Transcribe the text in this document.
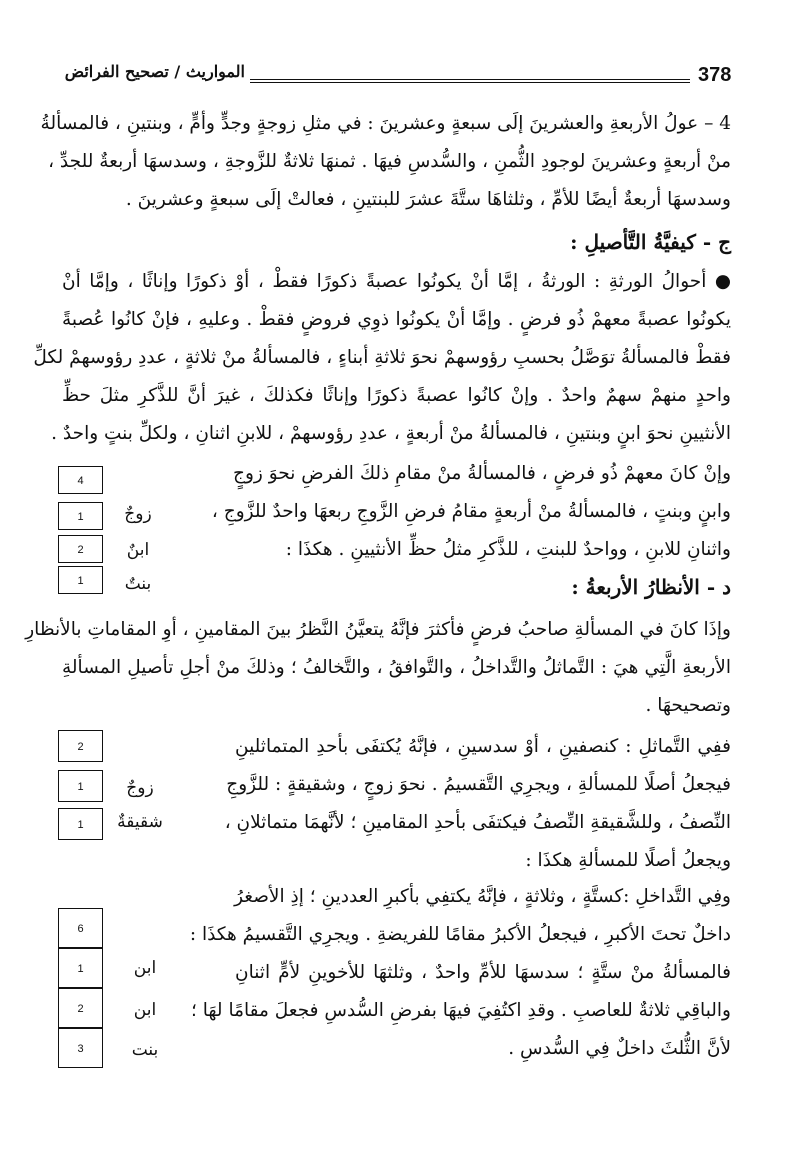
378
المواريث / تصحيح الفرائض
4 – عولُ الأربعةِ والعشرينَ إلَى سبعةٍ وعشرينَ : في مثلِ زوجةٍ وجدٍّ وأمٍّ ، وبنتينِ ، فالمسألةُ
منْ أربعةٍ وعشرينَ لوجودِ الثُّمنِ ، والسُّدسِ فيهَا . ثمنهَا ثلاثةٌ للزَّوجةِ ، وسدسهَا أربعةٌ للجدِّ ،
وسدسهَا أربعةٌ أيضًا للأمِّ ، وثلثاهَا ستَّةَ عشرَ للبنتينِ ، فعالتْ إلَى سبعةٍ وعشرينَ .
ج - كيفيَّةُ التَّأصيلِ :
● أحوالُ الورثةِ : الورثةُ ، إمَّا أنْ يكونُوا عصبةً ذكورًا فقطْ ، أوْ ذكورًا وإناثًا ، وإمَّا أنْ
يكونُوا عصبةً معهمْ ذُو فرضٍ . وإمَّا أنْ يكونُوا ذوِي فروضٍ فقطْ . وعليهِ ، فإنْ كانُوا عُصبةً
فقطْ فالمسألةُ توَصَّلُ بحسبِ رؤوسهمْ نحوَ ثلاثةِ أبناءٍ ، فالمسألةُ منْ ثلاثةٍ ، عددِ رؤوسهمْ لكلِّ
واحدٍ منهمْ سهمٌ واحدٌ . وإنْ كانُوا عصبةً ذكورًا وإناثًا فكذلكَ ، غيرَ أنَّ للذَّكرِ مثلَ حظِّ
الأنثيينِ نحوَ ابنٍ وبنتينِ ، فالمسألةُ منْ أربعةٍ ، عددِ رؤوسهمْ ، للابنِ اثنانِ ، ولكلِّ بنتٍ واحدٌ .
وإنْ كانَ معهمْ ذُو فرضٍ ، فالمسألةُ منْ مقامِ ذلكَ الفرضِ نحوَ زوجٍ
وابنٍ وبنتٍ ، فالمسألةُ منْ أربعةٍ مقامُ فرضِ الزَّوجِ ربعهَا واحدٌ للزَّوجِ ،
واثنانِ للابنِ ، وواحدٌ للبنتِ ، للذَّكرِ مثلُ حظِّ الأنثيينِ . هكذَا :
4
1
2
1
زوجٌ
ابنٌ
بنتٌ	د - الأنظارُ الأربعةُ :
وإذَا كانَ في المسألةِ صاحبُ فرضٍ فأكثرَ فإنَّهُ يتعيَّنُ النَّظرُ بينَ المقامينِ ، أوِ المقاماتِ بالأنظارِ
الأربعةِ الَّتِي هيَ : التَّماثلُ والتَّداخلُ ، والتَّوافقُ ، والتَّخالفُ ؛ وذلكَ منْ أجلِ تأصيلِ المسألةِ
وتصحيحهَا .
ففِي التَّماثلِ : كنصفينِ ، أوْ سدسينِ ، فإنَّهُ يُكتفَى بأحدِ المتماثلينِ
فيجعلُ أصلًا للمسألةِ ، ويجرِي التَّقسيمُ . نحوَ زوجٍ ، وشقيقةٍ : للزَّوجِ
النِّصفُ ، وللشَّقيقةِ النِّصفُ فيكتفَى بأحدِ المقامينِ ؛ لأنَّهمَا متماثلانِ ،
ويجعلُ أصلًا للمسألةِ هكذَا :
2
1
1
زوجٌ
شقيقةٌ
وفِي التَّداخلِ :كستَّةٍ ، وثلاثةٍ ، فإنَّهُ يكتفِي بأكبرِ العددينِ ؛ إذِ الأصغرُ
داخلٌ تحتَ الأكبرِ ، فيجعلُ الأكبرُ مقامًا للفريضةِ . ويجرِي التَّقسيمُ هكذَا :
فالمسألةُ منْ ستَّةٍ ؛ سدسهَا للأمِّ واحدٌ ، وثلثهَا للأخوينِ لأمٍّ اثنانِ
والباقِي ثلاثةٌ للعاصبِ . وقدِ اكتُفِيَ فيهَا بفرضِ السُّدسِ فجعلَ مقامًا لهَا ؛
لأنَّ الثُّلثَ داخلٌ فِي السُّدسِ .
6
1
2
3
ابن
ابن
بنت
